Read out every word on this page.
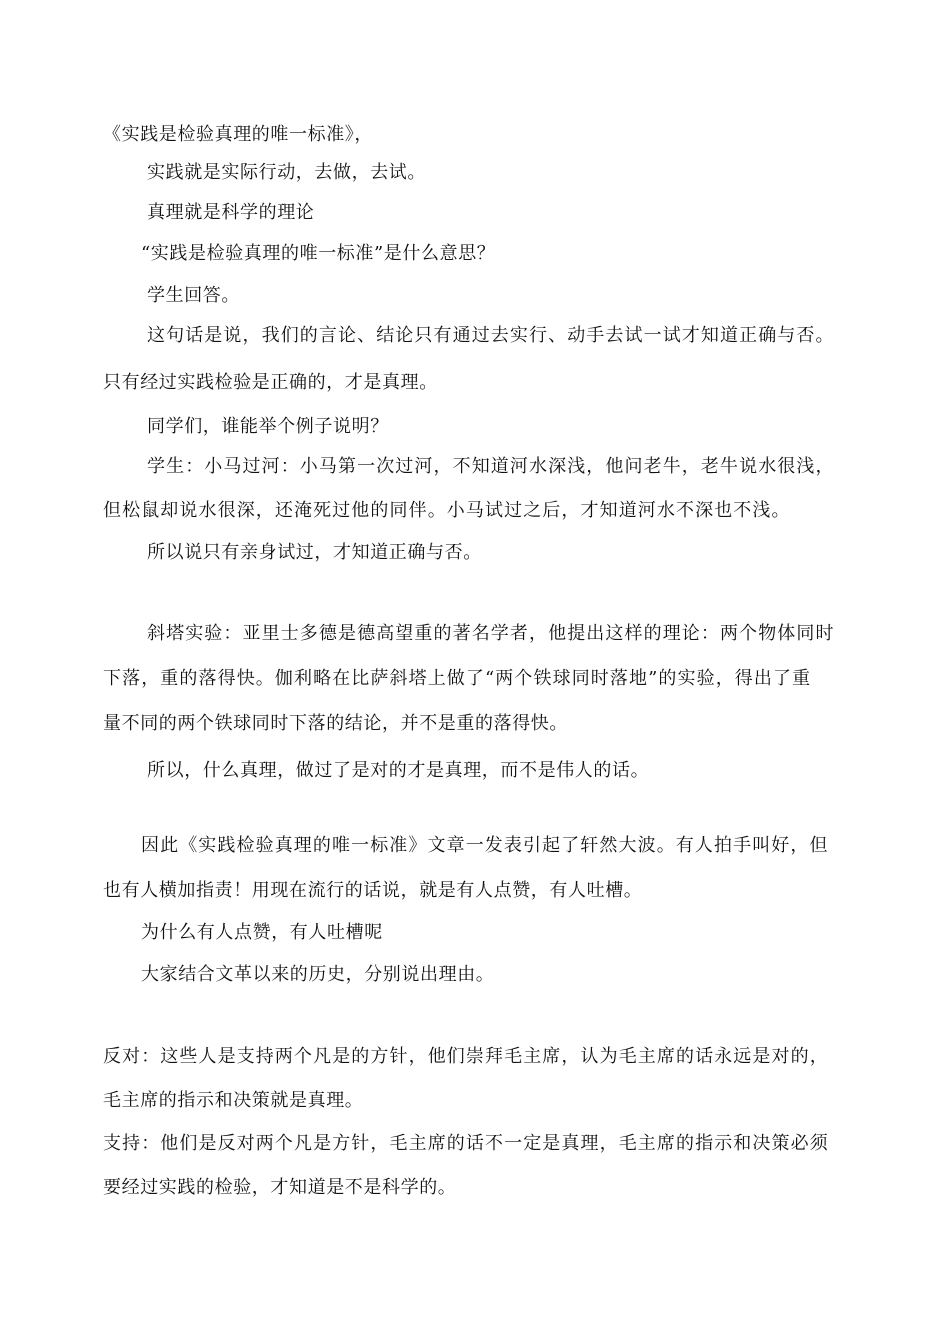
《实践是检验真理的唯一标准》，
实践就是实际行动，去做，去试。
真理就是科学的理论
“实践是检验真理的唯一标准”是什么意思？
学生回答。
这句话是说，我们的言论、结论只有通过去实行、动手去试一试才知道正确与否。
只有经过实践检验是正确的，才是真理。
同学们，谁能举个例子说明？
学生：小马过河：小马第一次过河，不知道河水深浅，他问老牛，老牛说水很浅，
但松鼠却说水很深，还淹死过他的同伴。小马试过之后，才知道河水不深也不浅。
所以说只有亲身试过，才知道正确与否。
斜塔实验：亚里士多德是德高望重的著名学者，他提出这样的理论：两个物体同时
下落，重的落得快。伽利略在比萨斜塔上做了“两个铁球同时落地”的实验，得出了重
量不同的两个铁球同时下落的结论，并不是重的落得快。
所以，什么真理，做过了是对的才是真理，而不是伟人的话。
因此《实践检验真理的唯一标准》文章一发表引起了轩然大波。有人拍手叫好，但
也有人横加指责！用现在流行的话说，就是有人点赞，有人吐槽。
为什么有人点赞，有人吐槽呢
大家结合文革以来的历史，分别说出理由。
反对：这些人是支持两个凡是的方针，他们崇拜毛主席，认为毛主席的话永远是对的，
毛主席的指示和决策就是真理。
支持：他们是反对两个凡是方针，毛主席的话不一定是真理，毛主席的指示和决策必须
要经过实践的检验，才知道是不是科学的。
